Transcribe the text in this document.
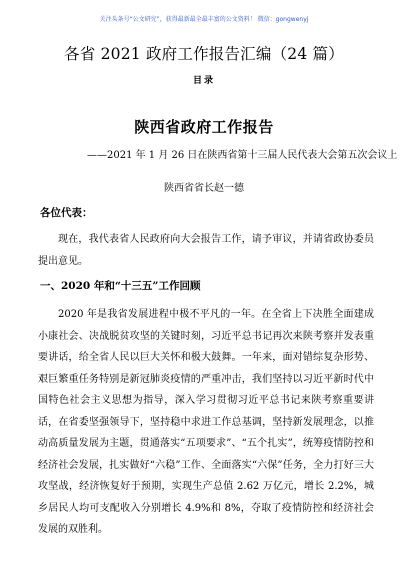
关注头条号“公文研究”，获得最新最全最丰富的公文资料！ 微信：gongwenyj
各省 2021 政府工作报告汇编（24 篇）
目录
陕西省政府工作报告
——2021 年 1 月 26 日在陕西省第十三届人民代表大会第五次会议上
陕西省省长赵一德
各位代表：

现在，我代表省人民政府向大会报告工作，请予审议，并请省政协委员提出意见。

一、2020 年和“十三五”工作回顾

2020 年是我省发展进程中极不平凡的一年。在全省上下决胜全面建成小康社会、决战脱贫攻坚的关键时刻，习近平总书记再次来陕考察并发表重要讲话，给全省人民以巨大关怀和极大鼓舞。一年来，面对错综复杂形势、艰巨繁重任务特别是新冠肺炎疫情的严重冲击，我们坚持以习近平新时代中国特色社会主义思想为指导，深入学习贯彻习近平总书记来陕考察重要讲话，在省委坚强领导下，坚持稳中求进工作总基调，坚持新发展理念，以推动高质量发展为主题，贯通落实“五项要求”、“五个扎实”，统筹疫情防控和经济社会发展，扎实做好“六稳”工作、全面落实“六保”任务，全力打好三大攻坚战，经济恢复好于预期，实现生产总值 2.62 万亿元，增长 2.2%，城乡居民人均可支配收入分别增长 4.9%和 8%，夺取了疫情防控和经济社会发展的双胜利。
